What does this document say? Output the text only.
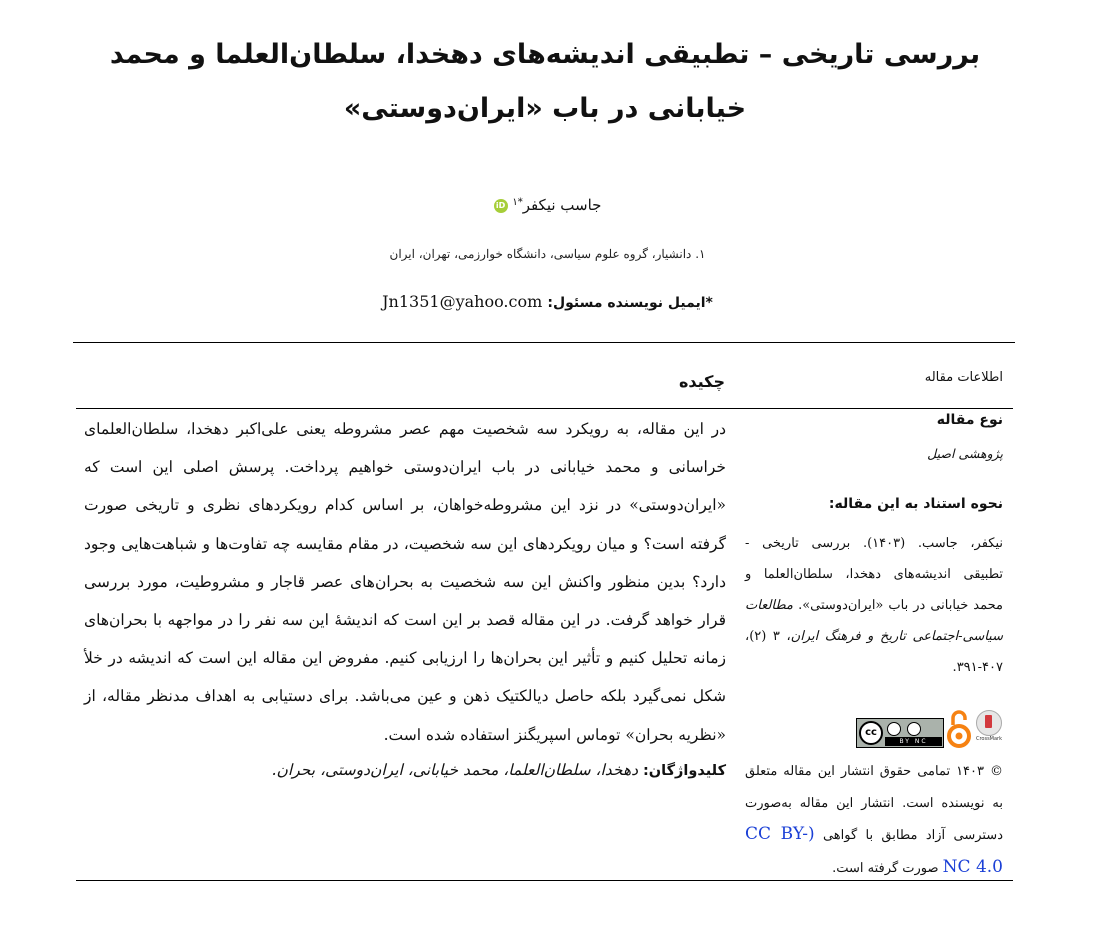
بررسی تاریخی – تطبیقی اندیشه‌های دهخدا، سلطان‌العلما و محمد خیابانی در باب «ایران‌دوستی»
جاسب نیکفر$^{*۱}$ iD
۱. دانشیار، گروه علوم سیاسی، دانشگاه خوارزمی، تهران، ایران
*ایمیل نویسنده مسئول: Jn1351@yahoo.com
اطلاعات مقاله
چکیده

در این مقاله، به رویکرد سه شخصیت مهم عصر مشروطه یعنی علی‌اکبر دهخدا، سلطان‌العلمای خراسانی و محمد خیابانی در باب ایران‌دوستی خواهیم پرداخت. پرسش اصلی این است که «ایران‌دوستی» در نزد این مشروطه‌خواهان، بر اساس کدام رویکردهای نظری و تاریخی صورت گرفته است؟ و میان رویکردهای این سه شخصیت، در مقام مقایسه چه تفاوت‌ها و شباهت‌هایی وجود دارد؟ بدین منظور واکنش این سه شخصیت به بحران‌های عصر قاجار و مشروطیت، مورد بررسی قرار خواهد گرفت. در این مقاله قصد بر این است که اندیشهٔ این سه نفر را در مواجهه با بحران‌های زمانه تحلیل کنیم و تأثیر این بحران‌ها را ارزیابی کنیم. مفروض این مقاله این است که اندیشه در خلأ شکل نمی‌گیرد بلکه حاصل دیالکتیک ذهن و عین می‌باشد. برای دستیابی به اهداف مدنظر مقاله، از «نظریه بحران» توماس اسپریگنز استفاده شده است.

کلیدواژگان: دهخدا، سلطان‌العلما، محمد خیابانی، ایران‌دوستی، بحران.
نوع مقاله
پژوهشی اصیل
نحوه استناد به این مقاله:
نیکفر، جاسب. (۱۴۰۳). بررسی تاریخی - تطبیقی اندیشه‌های دهخدا، سلطان‌العلما و محمد خیابانی در باب «ایران‌دوستی». مطالعات سیاسی-اجتماعی تاریخ و فرهنگ ایران، ۳ (۲)، ۴۰۷-۳۹۱.
cc
BY NC	CrossMark
© ۱۴۰۳ تمامی حقوق انتشار این مقاله متعلق به نویسنده است. انتشار این مقاله به‌صورت دسترسی آزاد مطابق با گواهی (CC BY-NC 4.0 صورت گرفته است.
